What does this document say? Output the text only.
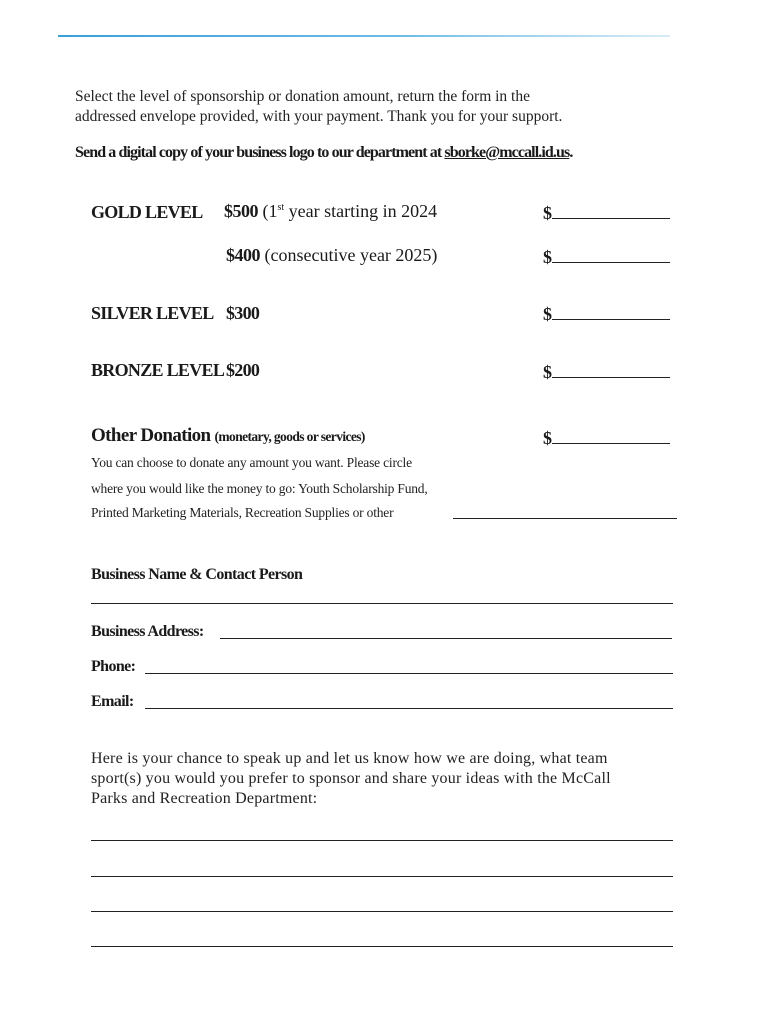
Select the level of sponsorship or donation amount, return the form in the
addressed envelope provided, with your payment. Thank you for your support.
Send a digital copy of your business logo to our department at sborke@mccall.id.us.
GOLD LEVEL $500 (1st year starting in 2024	$
$400 (consecutive year 2025)	$
SILVER LEVEL $300	$
BRONZE LEVEL $200	$
Other Donation (monetary, goods or services)	$
You can choose to donate any amount you want. Please circle
where you would like the money to go: Youth Scholarship Fund,
Printed Marketing Materials, Recreation Supplies or other
Business Name & Contact Person
Business Address:
Phone:
Email:
Here is your chance to speak up and let us know how we are doing, what team
sport(s) you would you prefer to sponsor and share your ideas with the McCall
Parks and Recreation Department:
